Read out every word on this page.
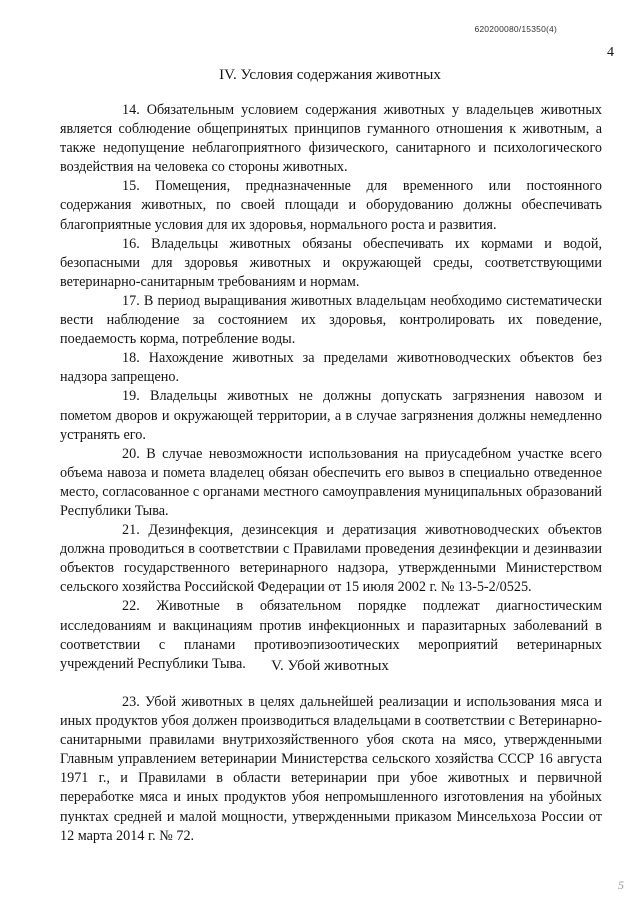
620200080/15350(4)
4
IV. Условия содержания животных

14. Обязательным условием содержания животных у владельцев животных является соблюдение общепринятых принципов гуманного отношения к животным, а также недопущение неблагоприятного физического, санитарного и психологического воздействия на человека со стороны животных.

15. Помещения, предназначенные для временного или постоянного содержания животных, по своей площади и оборудованию должны обеспечивать благоприятные условия для их здоровья, нормального роста и развития.

16. Владельцы животных обязаны обеспечивать их кормами и водой, безопасными для здоровья животных и окружающей среды, соответствующими ветеринарно-санитарным требованиям и нормам.

17. В период выращивания животных владельцам необходимо систематически вести наблюдение за состоянием их здоровья, контролировать их поведение, поедаемость корма, потребление воды.

18. Нахождение животных за пределами животноводческих объектов без надзора запрещено.

19. Владельцы животных не должны допускать загрязнения навозом и пометом дворов и окружающей территории, а в случае загрязнения должны немедленно устранять его.

20. В случае невозможности использования на приусадебном участке всего объема навоза и помета владелец обязан обеспечить его вывоз в специально отведенное место, согласованное с органами местного самоуправления муниципальных образований Республики Тыва.

21. Дезинфекция, дезинсекция и дератизация животноводческих объектов должна проводиться в соответствии с Правилами проведения дезинфекции и дезинвазии объектов государственного ветеринарного надзора, утвержденными Министерством сельского хозяйства Российской Федерации от 15 июля 2002 г. № 13-5-2/0525.

22. Животные в обязательном порядке подлежат диагностическим исследованиям и вакцинациям против инфекционных и паразитарных заболеваний в соответствии с планами противоэпизоотических мероприятий ветеринарных учреждений Республики Тыва.	V. Убой животных

23. Убой животных в целях дальнейшей реализации и использования мяса и иных продуктов убоя должен производиться владельцами в соответствии с Ветеринарно-санитарными правилами внутрихозяйственного убоя скота на мясо, утвержденными Главным управлением ветеринарии Министерства сельского хозяйства СССР 16 августа 1971 г., и Правилами в области ветеринарии при убое животных и первичной переработке мяса и иных продуктов убоя непромышленного изготовления на убойных пунктах средней и малой мощности, утвержденными приказом Минсельхоза России от 12 марта 2014 г. № 72.

5
